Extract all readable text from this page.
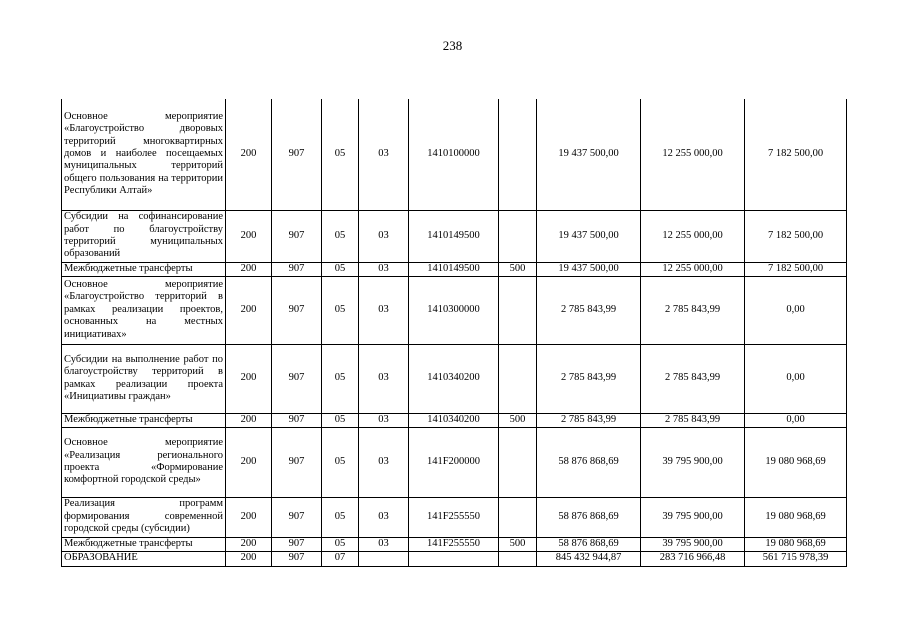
238
Основное мероприятие «Благоустройство дворовых территорий многоквартирных домов и наиболее посещаемых муниципальных территорий общего пользования на территории Республики Алтай»	200	907	05	03	1410100000		19 437 500,00	12 255 000,00	7 182 500,00
Субсидии на софинансирование работ по благоустройству территорий муниципальных образований	200	907	05	03	1410149500		19 437 500,00	12 255 000,00	7 182 500,00
Межбюджетные трансферты	200	907	05	03	1410149500	500	19 437 500,00	12 255 000,00	7 182 500,00
Основное мероприятие «Благоустройство территорий в рамках реализации проектов, основанных на местных инициативах»	200	907	05	03	1410300000		2 785 843,99	2 785 843,99	0,00
Субсидии на выполнение работ по благоустройству территорий в рамках реализации проекта «Инициативы граждан»	200	907	05	03	1410340200		2 785 843,99	2 785 843,99	0,00
Межбюджетные трансферты	200	907	05	03	1410340200	500	2 785 843,99	2 785 843,99	0,00
Основное мероприятие «Реализация регионального проекта «Формирование комфортной городской среды»	200	907	05	03	141F200000		58 876 868,69	39 795 900,00	19 080 968,69
Реализация программ формирования современной городской среды (субсидии)	200	907	05	03	141F255550		58 876 868,69	39 795 900,00	19 080 968,69
Межбюджетные трансферты	200	907	05	03	141F255550	500	58 876 868,69	39 795 900,00	19 080 968,69
ОБРАЗОВАНИЕ	200	907	07				845 432 944,87	283 716 966,48	561 715 978,39
